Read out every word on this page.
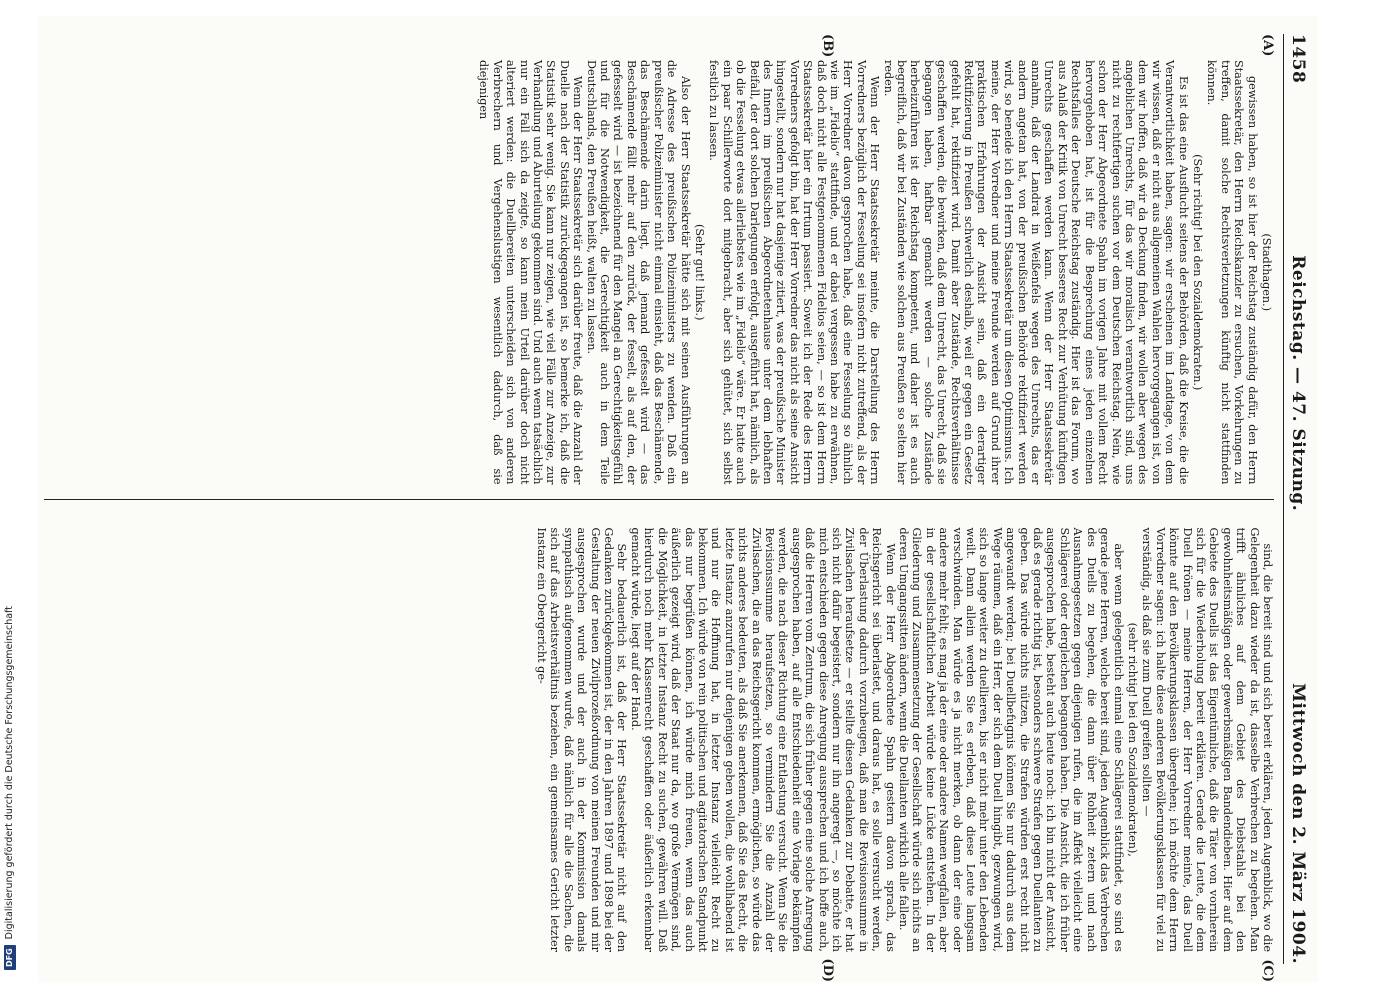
1458
Reichstag. — 47. Sitzung.
Mittwoch den 2. März 1904.
(A)
(B)

(Stadthagen.)

gewissen haben, so ist hier der Reichstag zuständig dafür, den Herrn Staatssekretär, den Herrn Reichskanzler zu ersuchen, Vorkehrungen zu treffen, damit solche Rechtsverletzungen künftig nicht stattfinden können.

(Sehr richtig! bei den Sozialdemokraten.)

Es ist das eine Ausflucht seitens der Behörden, daß die Kreise, die die Verantwortlichkeit haben, sagen: wir erscheinen im Landtage, von dem wir wissen, daß er nicht aus allgemeinen Wahlen hervorgegangen ist, von dem wir hoffen, daß wir da Deckung finden, wir wollen aber wegen des angeblichen Unrechts, für das wir moralisch verantwortlich sind, uns nicht zu rechtfertigen suchen vor dem Deutschen Reichstag. Nein, wie schon der Herr Abgeordnete Spahn im vorigen Jahre mit vollem Recht hervorgehoben hat, ist für die Besprechung eines jeden einzelnen Rechtsfalles der Deutsche Reichstag zuständig. Hier ist das Forum, wo aus Anlaß der Kritik von Unrecht besseres Recht zur Verhütung künftigen Unrechts geschaffen werden kann. Wenn der Herr Staatssekretär annahm, daß der Landrat in Weißenfels wegen des Unrechts, das er andern angetan hat, von der preußischen Behörde rektifiziert werden wird, so beneide ich den Herrn Staatssekretär um diesen Optimismus. Ich meine, der Herr Vorredner und meine Freunde werden auf Grund ihrer praktischen Erfahrungen der Ansicht sein, daß ein derartiger Rektifizierung in Preußen schwerlich deshalb, weil er gegen ein Gesetz gefehlt hat, rektifiziert wird. Damit aber Zustände, Rechtsverhältnisse geschaffen werden, die bewirken, daß dem Unrecht, das Unrecht, daß sie begangen haben, haftbar gemacht werden — solche Zustände herbeizuführen ist der Reichstag kompetent, und daher ist es auch begreiflich, daß wir bei Zuständen wie solchen aus Preußen so selten hier reden.

Wenn der Herr Staatssekretär meinte, die Darstellung des Herrn Vorredners bezüglich der Fesselung sei insofern nicht zutreffend, als der Herr Vorredner davon gesprochen habe, daß eine Fesselung so ähnlich wie im „Fidelio“ stattfinde, und er dabei vergessen habe zu erwähnen, daß doch nicht alle Festgenommenen Fidelios seien, — so ist dem Herrn Staatssekretär hier ein Irrtum passiert. Soweit ich der Rede des Herrn Vorredners gefolgt bin, hat der Herr Vorredner das nicht als seine Ansicht hingestellt, sondern nur hat dasjenige zitiert, was der preußische Minister des Innern im preußischen Abgeordnetenhause unter dem lebhaften Beifall, der dort solchen Darlegungen erfolgt, ausgeführt hat, nämlich, als ob die Fesselung etwas allerliebstes wie im „Fidelio“ wäre. Er hatte auch ein paar Schillerworte dort mitgebracht, aber sich gehütet, sich selbst festlich zu lassen.

(Sehr gut! links.)

Also der Herr Staatssekretär hätte sich mit seinen Ausführungen an die Adresse des preußischen Polizeiministers zu wenden. Daß ein preußischer Polizeiminister nicht einmal einsieht, daß das Beschämende, das Beschämende darin liegt, daß jemand gefesselt wird — das Beschämende fällt mehr auf den zurück, der fesselt, als auf den, der gefesselt wird — ist bezeichnend für den Mangel an Gerechtigkeitsgefühl und für die Notwendigkeit, die Gerechtigkeit auch in dem Teile Deutschlands, den Preußen heißt, walten zu lassen.

Wenn der Herr Staatssekretär sich darüber freute, daß die Anzahl der Duelle nach der Statistik zurückgegangen ist, so bemerke ich, daß die Statistik sehr wenig. Sie kann nur zeigen, wie viel Fälle zur Anzeige, zur Verhandlung und Aburteilung gekommen sind. Und auch wenn tatsächlich nur ein Fall sich da zeigte, so kann mein Urteil darüber doch nicht alteriert werden: die Duellbereiten unterscheiden sich von anderen Verbrechern und Vergehenslustigen wesentlich dadurch, daß sie diejenigen

(C)
(D)

sind, die bereit sind und sich bereit erklären, jeden Augenblick, wo die Gelegenheit dazu wieder da ist, dasselbe Verbrechen zu begehen. Man trifft ähnliches auf dem Gebiet des Diebstahls bei den gewohnheitsmäßigen oder gewerbsmäßigen Bandendieben. Hier auf dem Gebiete des Duells ist das Eigentümliche, daß die Täter von vornherein sich für die Wiederholung bereit erklären. Gerade die Leute, die dem Duell frönen — meine Herren, der Herr Vorredner meinte, das Duell könnte auf den Bevölkerungsklassen übergehen; ich möchte dem Herrn Vorredner sagen: ich halte diese anderen Bevölkerungsklassen für viel zu verständig, als daß sie zum Duell greifen sollten —

(sehr richtig! bei den Sozialdemokraten),

aber wenn gelegentlich einmal eine Schlägerei stattfindet, so sind es gerade jene Herren, welche bereit sind, jeden Augenblick das Verbrechen des Duells zu begehen, die dann über Rohheit zetern und nach Ausnahmegesetzen gegen diejenigen rufen, die im Affekt vielleicht eine Schlägerei oder dergleichen begangen haben. Die Ansicht, die ich früher ausgesprochen habe, besteht auch heute noch: ich bin nicht der Ansicht, daß es gerade richtig ist, besonders schwere Strafen gegen Duellanten zu geben. Das würde nichts nützen, die Strafen würden erst recht nicht angewandt werden; bei Duellbefugnis können Sie nur dadurch aus dem Wege räumen, daß ein Herr, der sich dem Duell hingibt, gezwungen wird, sich so lange weiter zu duellieren, bis er nicht mehr unter den Lebenden weilt. Dann allein werden Sie es erleben, daß diese Leute langsam verschwinden. Man würde es ja nicht merken, ob dann der eine oder andere mehr fehlt; es mag ja der eine oder andere Namen wegfallen, aber in der gesellschaftlichen Arbeit würde keine Lücke entstehen. In der Gliederung und Zusammensetzung der Gesellschaft würde sich nichts an deren Umgangssitten ändern, wenn die Duellanten wirklich alle fallen.

Wenn der Herr Abgeordnete Spahn gestern davon sprach, das Reichsgericht sei überlastet, und daraus hat, es solle versucht werden, der Überlastung dadurch vorzubeugen, daß man die Revisionssumme in Zivilsachen heraufsetze — er stellte diesen Gedanken zur Debatte, er hat sich nicht dafür begeistert, sondern nur ihn angeregt —, so möchte ich mich entschieden gegen diese Anregung aussprechen und ich hoffe auch, daß die Herren vom Zentrum, die sich früher gegen eine solche Anregung ausgesprochen haben, auf alle Entschiedenheit eine Vorlage bekämpfen werden, die nach dieser Richtung eine Entlastung versucht. Wenn Sie die Revisionssumme heraufsetzen, so vermindern Sie die Anzahl der Zivilsachen, die an das Reichsgericht kommen, ermöglichen, so würde das nichts anderes bedeuten, als daß Sie anerkennen, daß Sie das Recht, die letzte Instanz anzurufen nur denjenigen geben wollen, die wohlhabend ist und nur die Hoffnung hat, in letzter Instanz vielleicht Recht zu bekommen. Ich würde von rein politischen und agitatorischen Standpunkt das nur begrüßen können, ich würde mich freuen, wenn das auch äußerlich gezeigt wird, daß der Staat nur da, wo große Vermögen sind, die Möglichkeit, in letzter Instanz Recht zu suchen, gewähren will. Daß hierdurch noch mehr Klassenrecht geschaffen oder äußerlich erkennbar gemacht würde, liegt auf der Hand.

Sehr bedauerlich ist, daß der Herr Staatssekretär nicht auf den Gedanken zurückgekommen ist, der in den Jahren 1897 und 1898 bei der Gestaltung der neuen Zivilprozeßordnung von meinen Freunden und mir ausgesprochen wurde und der auch in der Kommission damals sympathisch aufgenommen wurde, daß nämlich für alle die Sachen, die sich auf das Arbeitsverhältnis beziehen, ein gemeinsames Gericht letzter Instanz ein Obergericht ge-

DFGDigitalisierung gefördert durch die Deutsche Forschungsgemeinschaft
